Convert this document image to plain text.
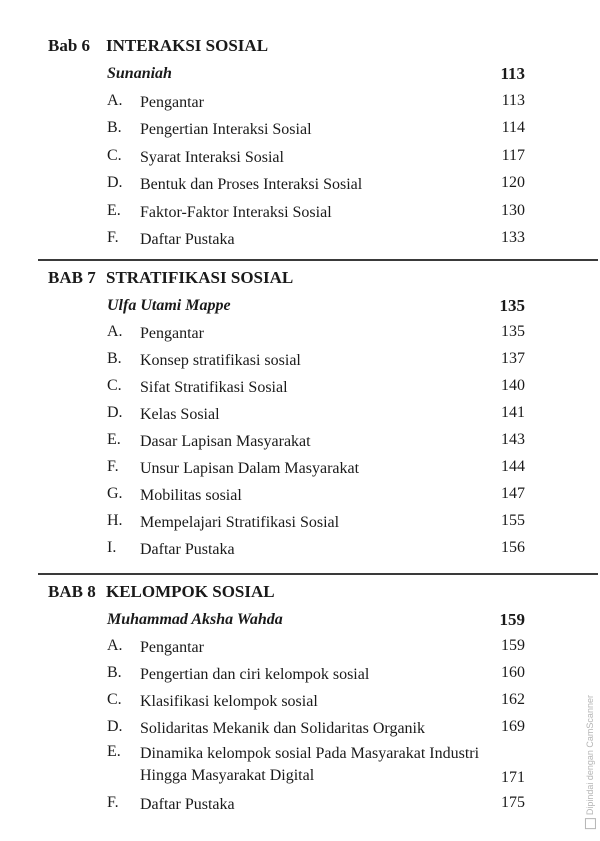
Bab 6 INTERAKSI SOSIAL
Sunaniah	113
A.	Pengantar	113
B.	Pengertian Interaksi Sosial	114
C.	Syarat Interaksi Sosial	117
D.	Bentuk dan Proses Interaksi Sosial	120
E.	Faktor-Faktor Interaksi Sosial	130
F.	Daftar Pustaka	133
BAB 7 STRATIFIKASI SOSIAL
Ulfa Utami Mappe	135
A.	Pengantar	135
B.	Konsep stratifikasi sosial	137
C.	Sifat Stratifikasi Sosial	140
D.	Kelas Sosial	141
E.	Dasar Lapisan Masyarakat	143
F.	Unsur Lapisan Dalam Masyarakat	144
G.	Mobilitas sosial	147
H.	Mempelajari Stratifikasi Sosial	155
I.	Daftar Pustaka	156
BAB 8 KELOMPOK SOSIAL
Muhammad Aksha Wahda	159
A.	Pengantar	159
B.	Pengertian dan ciri kelompok sosial	160
C.	Klasifikasi kelompok sosial	162
D.	Solidaritas Mekanik dan Solidaritas Organik	169
E.	Dinamika kelompok sosial Pada Masyarakat Industri Hingga Masyarakat Digital	171
F.	Daftar Pustaka	175	Dipindai dengan CamScanner
